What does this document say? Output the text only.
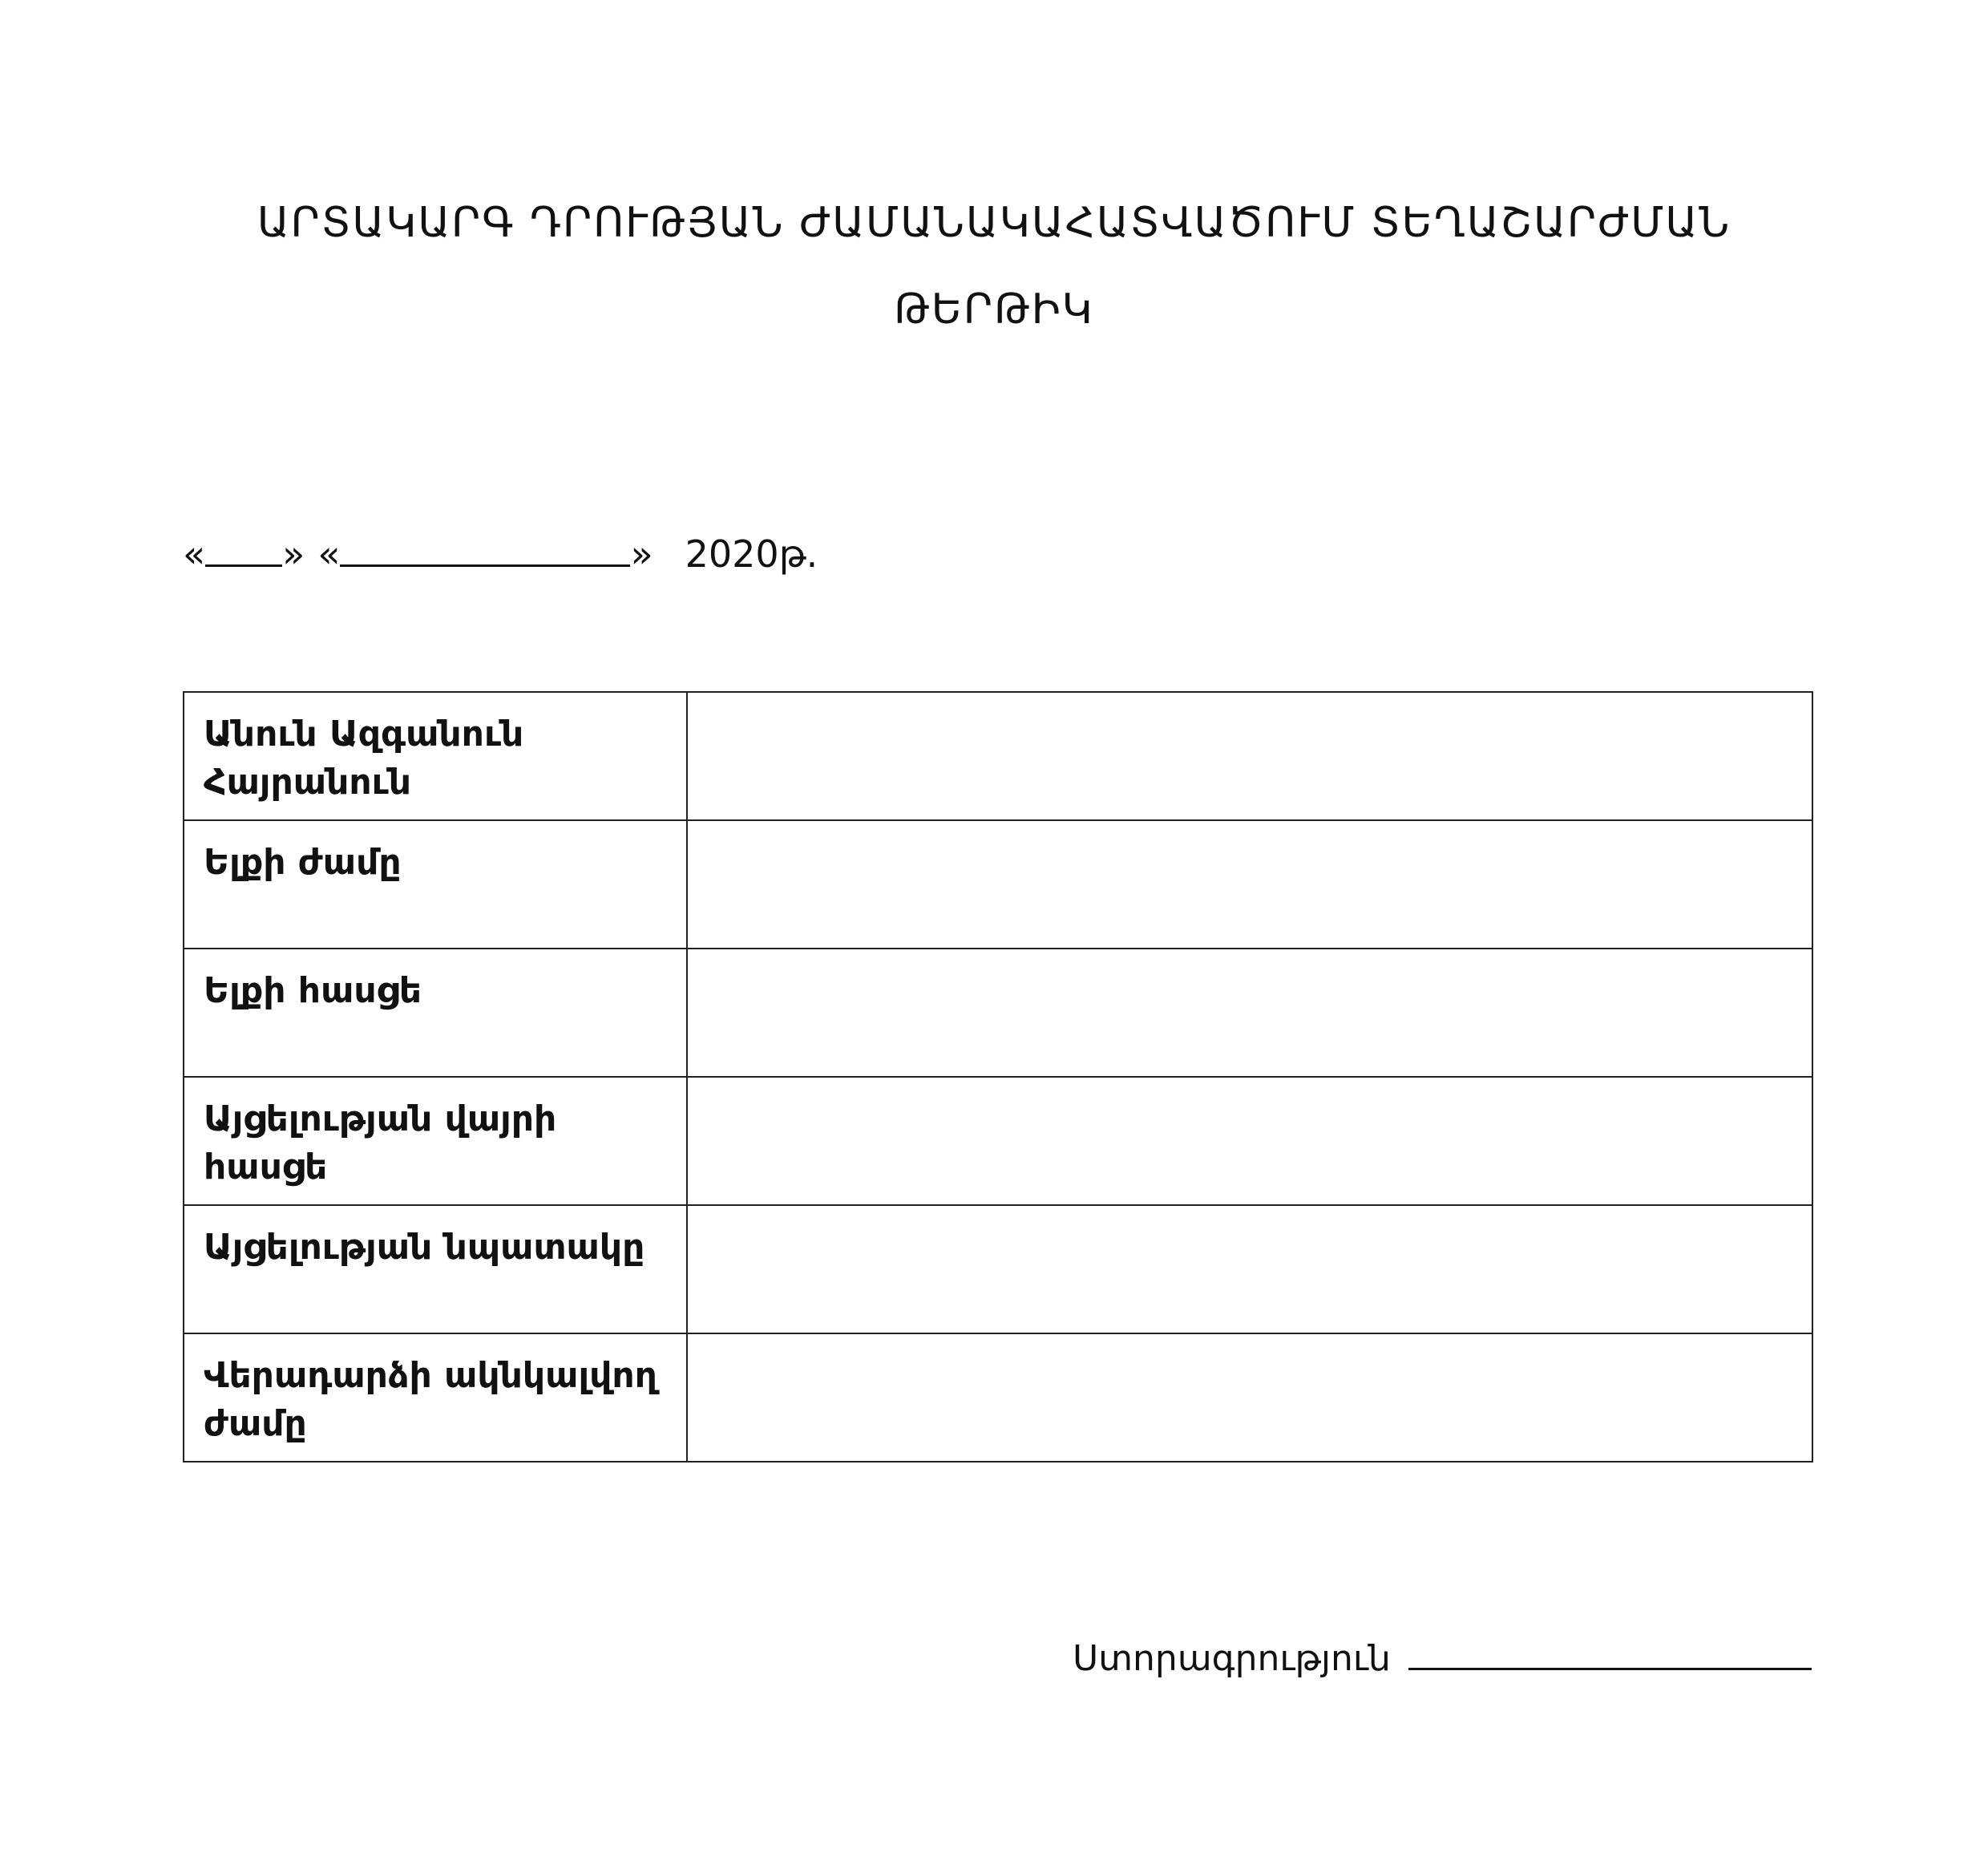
ԱՐՏԱԿԱՐԳ ԴՐՈՒԹՅԱՆ ԺԱՄԱՆԱԿԱՀԱՏՎԱԾՈՒՄ ՏԵՂԱՇԱՐԺՄԱՆ
ԹԵՐԹԻԿ
« » «	» 2020թ.
Անուն Ազգանուն Հայրանուն	
Ելքի ժամը	
Ելքի հասցե	
Այցելության վայրի հասցե	
Այցելության նպատակը	
Վերադարձի ակնկալվող ժամը	
Ստորագրություն
